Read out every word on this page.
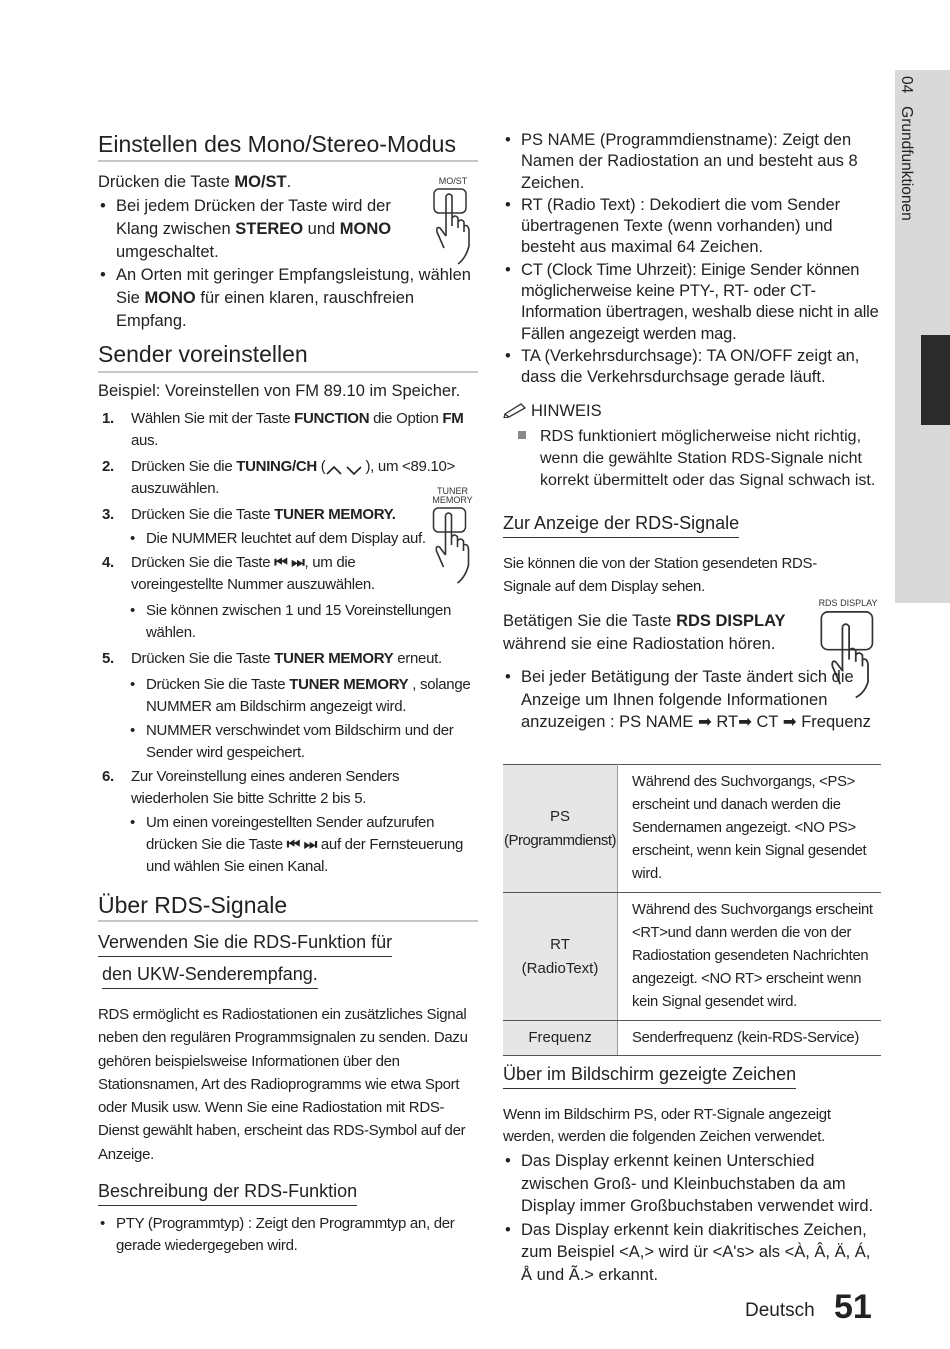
04   Grundfunktionen
Einstellen des Mono/Stereo-Modus
Drücken die Taste MO/ST.	MO/ST
• Bei jedem Drücken der Taste wird der Klang zwischen STEREO und MONO umgeschaltet.
• An Orten mit geringer Empfangsleistung, wählen Sie MONO für einen klaren, rauschfreien Empfang.
Sender voreinstellen
Beispiel: Voreinstellen von FM 89.10 im Speicher.
TUNER
MEMORY
1. Wählen Sie mit der Taste FUNCTION die Option FM aus.
2. Drücken Sie die TUNING/CH (	), um <89.10> auszuwählen.
3. Drücken Sie die Taste TUNER MEMORY.
• Die NUMMER leuchtet auf dem Display auf.
4. Drücken Sie die Taste ⏮ ⏭, um die voreingestellte Nummer auszuwählen.
• Sie können zwischen 1 und 15 Voreinstellungen wählen.
5. Drücken Sie die Taste TUNER MEMORY erneut.
• Drücken Sie die Taste TUNER MEMORY , solange NUMMER am Bildschirm angezeigt wird.
• NUMMER verschwindet vom Bildschirm und der Sender wird gespeichert.
6. Zur Voreinstellung eines anderen Senders wiederholen Sie bitte Schritte 2 bis 5.
• Um einen voreingestellten Sender aufzurufen drücken Sie die Taste ⏮ ⏭ auf der Fernsteuerung und wählen Sie einen Kanal.
Über RDS-Signale
Verwenden Sie die RDS-Funktion für
den UKW-Senderempfang.
RDS ermöglicht es Radiostationen ein zusätzliches Signal neben den regulären Programmsignalen zu senden. Dazu gehören beispielsweise Informationen über den Stationsnamen, Art des Radioprogramms wie etwa Sport oder Musik usw. Wenn Sie eine Radiostation mit RDS-Dienst gewählt haben, erscheint das RDS-Symbol auf der Anzeige.
Beschreibung der RDS-Funktion
• PTY (Programmtyp) : Zeigt den Programmtyp an, der gerade wiedergegeben wird.
• PS NAME (Programmdienstname): Zeigt den Namen der Radiostation an und besteht aus 8 Zeichen.
• RT (Radio Text) : Dekodiert die vom Sender übertragenen Texte (wenn vorhanden) und besteht aus maximal 64 Zeichen.
• CT (Clock Time Uhrzeit): Einige Sender können möglicherweise keine PTY-, RT- oder CT-Information übertragen, weshalb diese nicht in alle Fällen angezeigt werden mag.
• TA (Verkehrsdurchsage): TA ON/OFF zeigt an, dass die Verkehrsdurchsage gerade läuft.
HINWEIS
RDS funktioniert möglicherweise nicht richtig, wenn die gewählte Station RDS-Signale nicht korrekt übermittelt oder das Signal schwach ist.
Zur Anzeige der RDS-Signale
Sie können die von der Station gesendeten RDS-Signale auf dem Display sehen.
Betätigen Sie die Taste RDS DISPLAY während sie eine Radiostation hören.
RDS DISPLAY
• Bei jeder Betätigung der Taste ändert sich die Anzeige um Ihnen folgende Informationen anzuzeigen : PS NAME ➡ RT➡ CT ➡ Frequenz
PS
(Programmdienst)	Während des Suchvorgangs, <PS> erscheint und danach werden die Sendernamen angezeigt. <NO PS> erscheint, wenn kein Signal gesendet wird.
RT
(RadioText)	Während des Suchvorgangs erscheint <RT>und dann werden die von der Radiostation gesendeten Nachrichten angezeigt. <NO RT> erscheint wenn kein Signal gesendet wird.
Frequenz	Senderfrequenz (kein-RDS-Service)
Über im Bildschirm gezeigte Zeichen
Wenn im Bildschirm PS, oder RT-Signale angezeigt werden, werden die folgenden Zeichen verwendet.
• Das Display erkennt keinen Unterschied zwischen Groß- und Kleinbuchstaben da am Display immer Großbuchstaben verwendet wird.
• Das Display erkennt kein diakritisches Zeichen, zum Beispiel <A,> wird ür <A's> als <À, Â, Ä, Á, Å und Ã.> erkannt.
Deutsch 51
